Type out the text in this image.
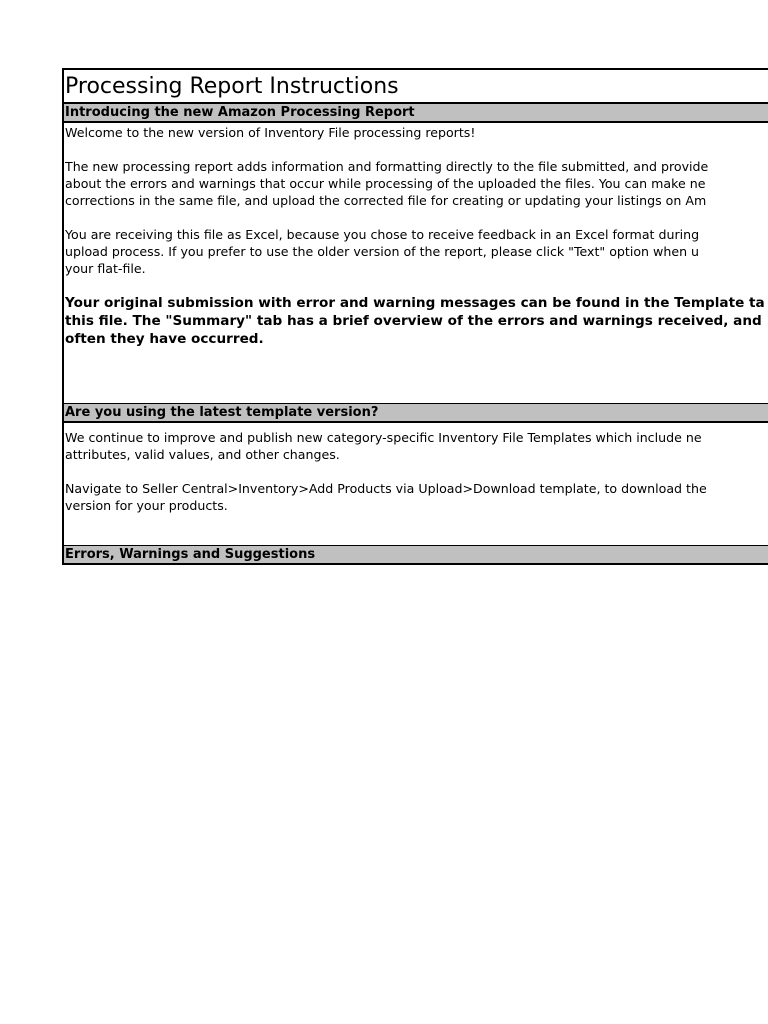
Processing Report Instructions
Introducing the new Amazon Processing Report

Welcome to the new version of Inventory File processing reports!

The new processing report adds information and formatting directly to the file submitted, and provide

about the errors and warnings that occur while processing of the uploaded the files. You can make ne

corrections in the same file, and upload the corrected file for creating or updating your listings on Am

You are receiving this file as Excel, because you chose to receive feedback in an Excel format during

upload process. If you prefer to use the older version of the report, please click "Text" option when u

your flat-file.

Your original submission with error and warning messages can be found in the Template ta

this file. The "Summary" tab has a brief overview of the errors and warnings received, and

often they have occurred.

Are you using the latest template version?

We continue to improve and publish new category-specific Inventory File Templates which include ne

attributes, valid values, and other changes.

Navigate to Seller Central>Inventory>Add Products via Upload>Download template, to download the

version for your products.

Errors, Warnings and Suggestions
